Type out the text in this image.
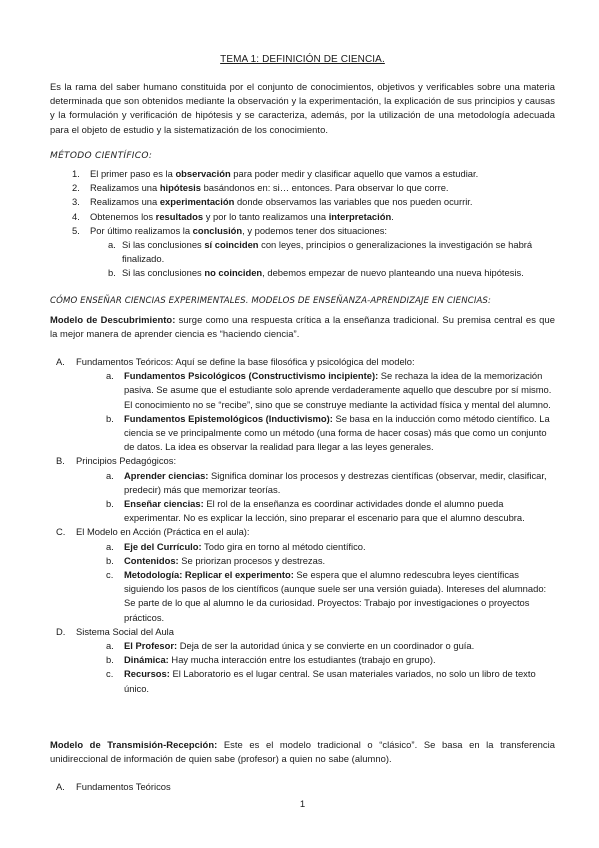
TEMA 1: DEFINICIÓN DE CIENCIA.
Es la rama del saber humano constituida por el conjunto de conocimientos, objetivos y verificables sobre una materia determinada que son obtenidos mediante la observación y la experimentación, la explicación de sus principios y causas y la formulación y verificación de hipótesis y se caracteriza, además, por la utilización de una metodología adecuada para el objeto de estudio y la sistematización de los conocimiento.
MÉTODO CIENTÍFICO:
1.	El primer paso es la observación para poder medir y clasificar aquello que vamos a estudiar.
2.	Realizamos una hipótesis basándonos en: si… entonces. Para observar lo que corre.
3.	Realizamos una experimentación donde observamos las variables que nos pueden ocurrir.
4.	Obtenemos los resultados y por lo tanto realizamos una interpretación.
5.	Por último realizamos la conclusión, y podemos tener dos situaciones:
a. Si las conclusiones sí coinciden con leyes, principios o generalizaciones la investigación se habrá finalizado.
b. Si las conclusiones no coinciden, debemos empezar de nuevo planteando una nueva hipótesis.
CÓMO ENSEÑAR CIENCIAS EXPERIMENTALES. MODELOS DE ENSEÑANZA-APRENDIZAJE EN CIENCIAS:
Modelo de Descubrimiento: surge como una respuesta crítica a la enseñanza tradicional. Su premisa central es que la mejor manera de aprender ciencia es “haciendo ciencia”.
A.	Fundamentos Teóricos: Aquí se define la base filosófica y psicológica del modelo:
a.	Fundamentos Psicológicos (Constructivismo incipiente): Se rechaza la idea de la memorización pasiva. Se asume que el estudiante solo aprende verdaderamente aquello que descubre por sí mismo. El conocimiento no se “recibe”, sino que se construye mediante la actividad física y mental del alumno.
b.	Fundamentos Epistemológicos (Inductivismo): Se basa en la inducción como método científico. La ciencia se ve principalmente como un método (una forma de hacer cosas) más que como un conjunto de datos. La idea es observar la realidad para llegar a las leyes generales.
B.	Principios Pedagógicos:
a.	Aprender ciencias: Significa dominar los procesos y destrezas científicas (observar, medir, clasificar, predecir) más que memorizar teorías.
b.	Enseñar ciencias: El rol de la enseñanza es coordinar actividades donde el alumno pueda experimentar. No es explicar la lección, sino preparar el escenario para que el alumno descubra.
C.	El Modelo en Acción (Práctica en el aula):
a.	Eje del Currículo: Todo gira en torno al método científico.
b.	Contenidos: Se priorizan procesos y destrezas.
c.	Metodología: Replicar el experimento: Se espera que el alumno redescubra leyes científicas siguiendo los pasos de los científicos (aunque suele ser una versión guiada). Intereses del alumnado: Se parte de lo que al alumno le da curiosidad. Proyectos: Trabajo por investigaciones o proyectos prácticos.
D.	Sistema Social del Aula
a.	El Profesor: Deja de ser la autoridad única y se convierte en un coordinador o guía.
b.	Dinámica: Hay mucha interacción entre los estudiantes (trabajo en grupo).
c.	Recursos: El Laboratorio es el lugar central. Se usan materiales variados, no solo un libro de texto único.
Modelo de Transmisión-Recepción: Este es el modelo tradicional o “clásico”. Se basa en la transferencia unidireccional de información de quien sabe (profesor) a quien no sabe (alumno).
A.	Fundamentos Teóricos
1
